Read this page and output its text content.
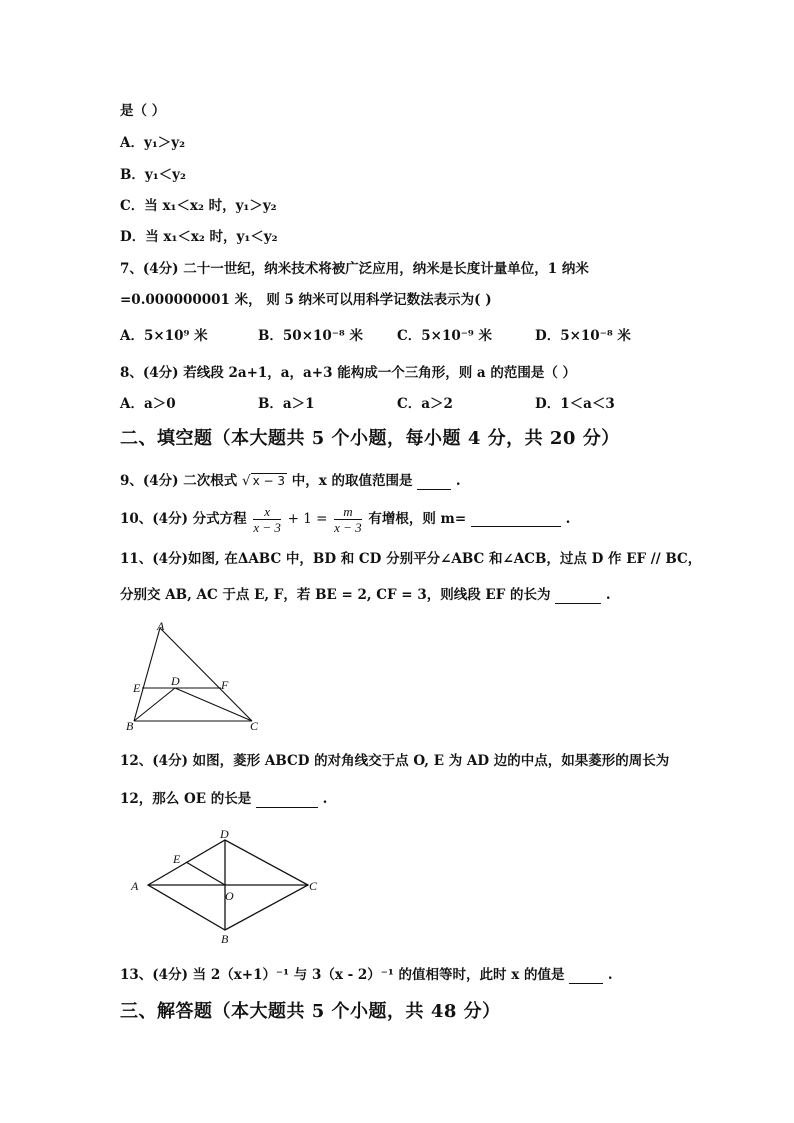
是（ ）
A．y₁＞y₂
B．y₁＜y₂
C．当 x₁＜x₂ 时，y₁＞y₂
D．当 x₁＜x₂ 时，y₁＜y₂
7、(4分) 二十一世纪，纳米技术将被广泛应用，纳米是长度计量单位，1 纳米
=0.000000001 米， 则 5 纳米可以用科学记数法表示为( )
A．5×10⁹ 米	B．50×10⁻⁸ 米	C．5×10⁻⁹ 米	D．5×10⁻⁸ 米
8、(4分) 若线段 2a+1，a，a+3 能构成一个三角形，则 a 的范围是（ ）
A．a＞0	B．a＞1	C．a＞2	D．1＜a＜3
二、填空题（本大题共 5 个小题，每小题 4 分，共 20 分）
9、(4分) 二次根式 √ x − 3 中，x 的取值范围是	.
10、(4分) 分式方程 $\frac{x}{x - 3} + 1 = \frac{m}{x - 3}$ 有增根，则 m=	.
11、(4分)如图, 在ΔABC 中，BD 和 CD 分别平分∠ABC 和∠ACB，过点 D 作 EF // BC，
分别交 AB, AC 于点 E, F，若 BE = 2, CF = 3，则线段 EF 的长为	.
A
E	D	F
B	C
12、(4分) 如图，菱形 ABCD 的对角线交于点 O, E 为 AD 边的中点，如果菱形的周长为
12，那么 OE 的长是	.
D
E
A
O
C
B
13、(4分) 当 2（x+1）⁻¹ 与 3（x - 2）⁻¹ 的值相等时，此时 x 的值是	.
三、解答题（本大题共 5 个小题，共 48 分）
